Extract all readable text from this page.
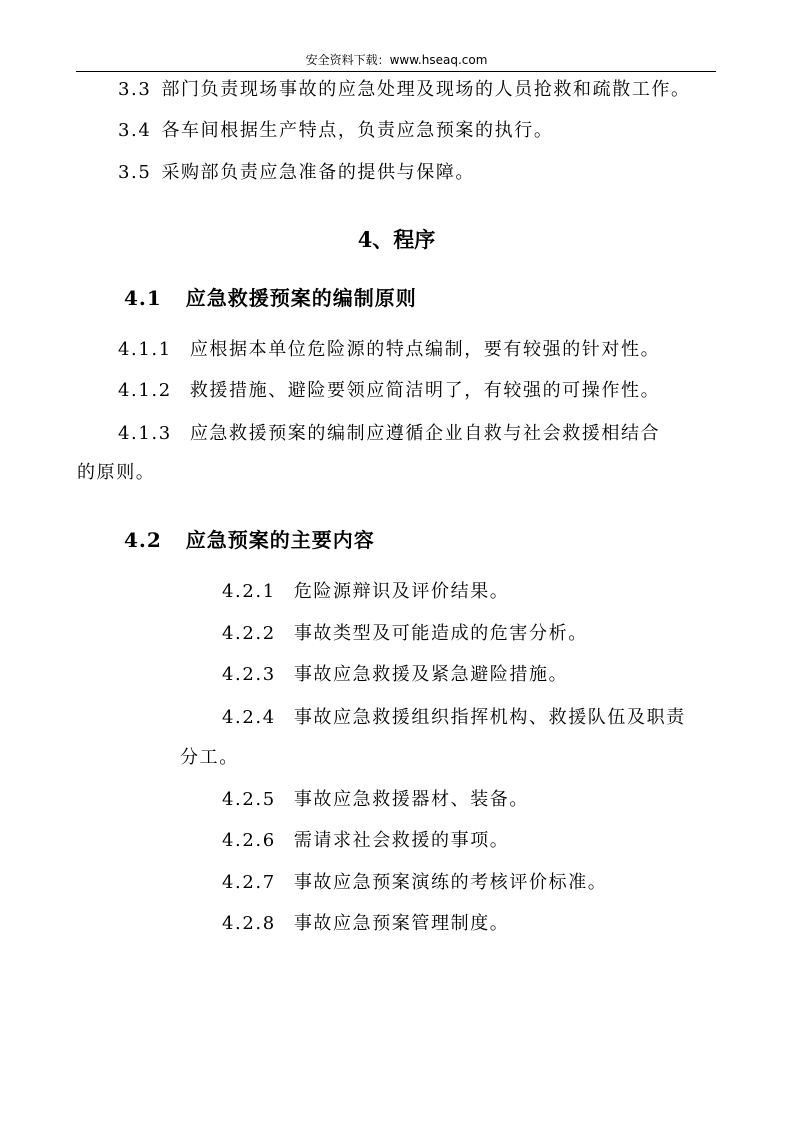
安全资料下载：www.hseaq.com
3.3 部门负责现场事故的应急处理及现场的人员抢救和疏散工作。
3.4 各车间根据生产特点，负责应急预案的执行。
3.5 采购部负责应急准备的提供与保障。
4、程序
4.1 应急救援预案的编制原则
4.1.1 应根据本单位危险源的特点编制，要有较强的针对性。
4.1.2 救援措施、避险要领应简洁明了，有较强的可操作性。
4.1.3 应急救援预案的编制应遵循企业自救与社会救援相结合
的原则。
4.2 应急预案的主要内容
4.2.1 危险源辩识及评价结果。
4.2.2 事故类型及可能造成的危害分析。
4.2.3 事故应急救援及紧急避险措施。
4.2.4 事故应急救援组织指挥机构、救援队伍及职责
分工。
4.2.5 事故应急救援器材、装备。
4.2.6 需请求社会救援的事项。
4.2.7 事故应急预案演练的考核评价标准。
4.2.8 事故应急预案管理制度。
